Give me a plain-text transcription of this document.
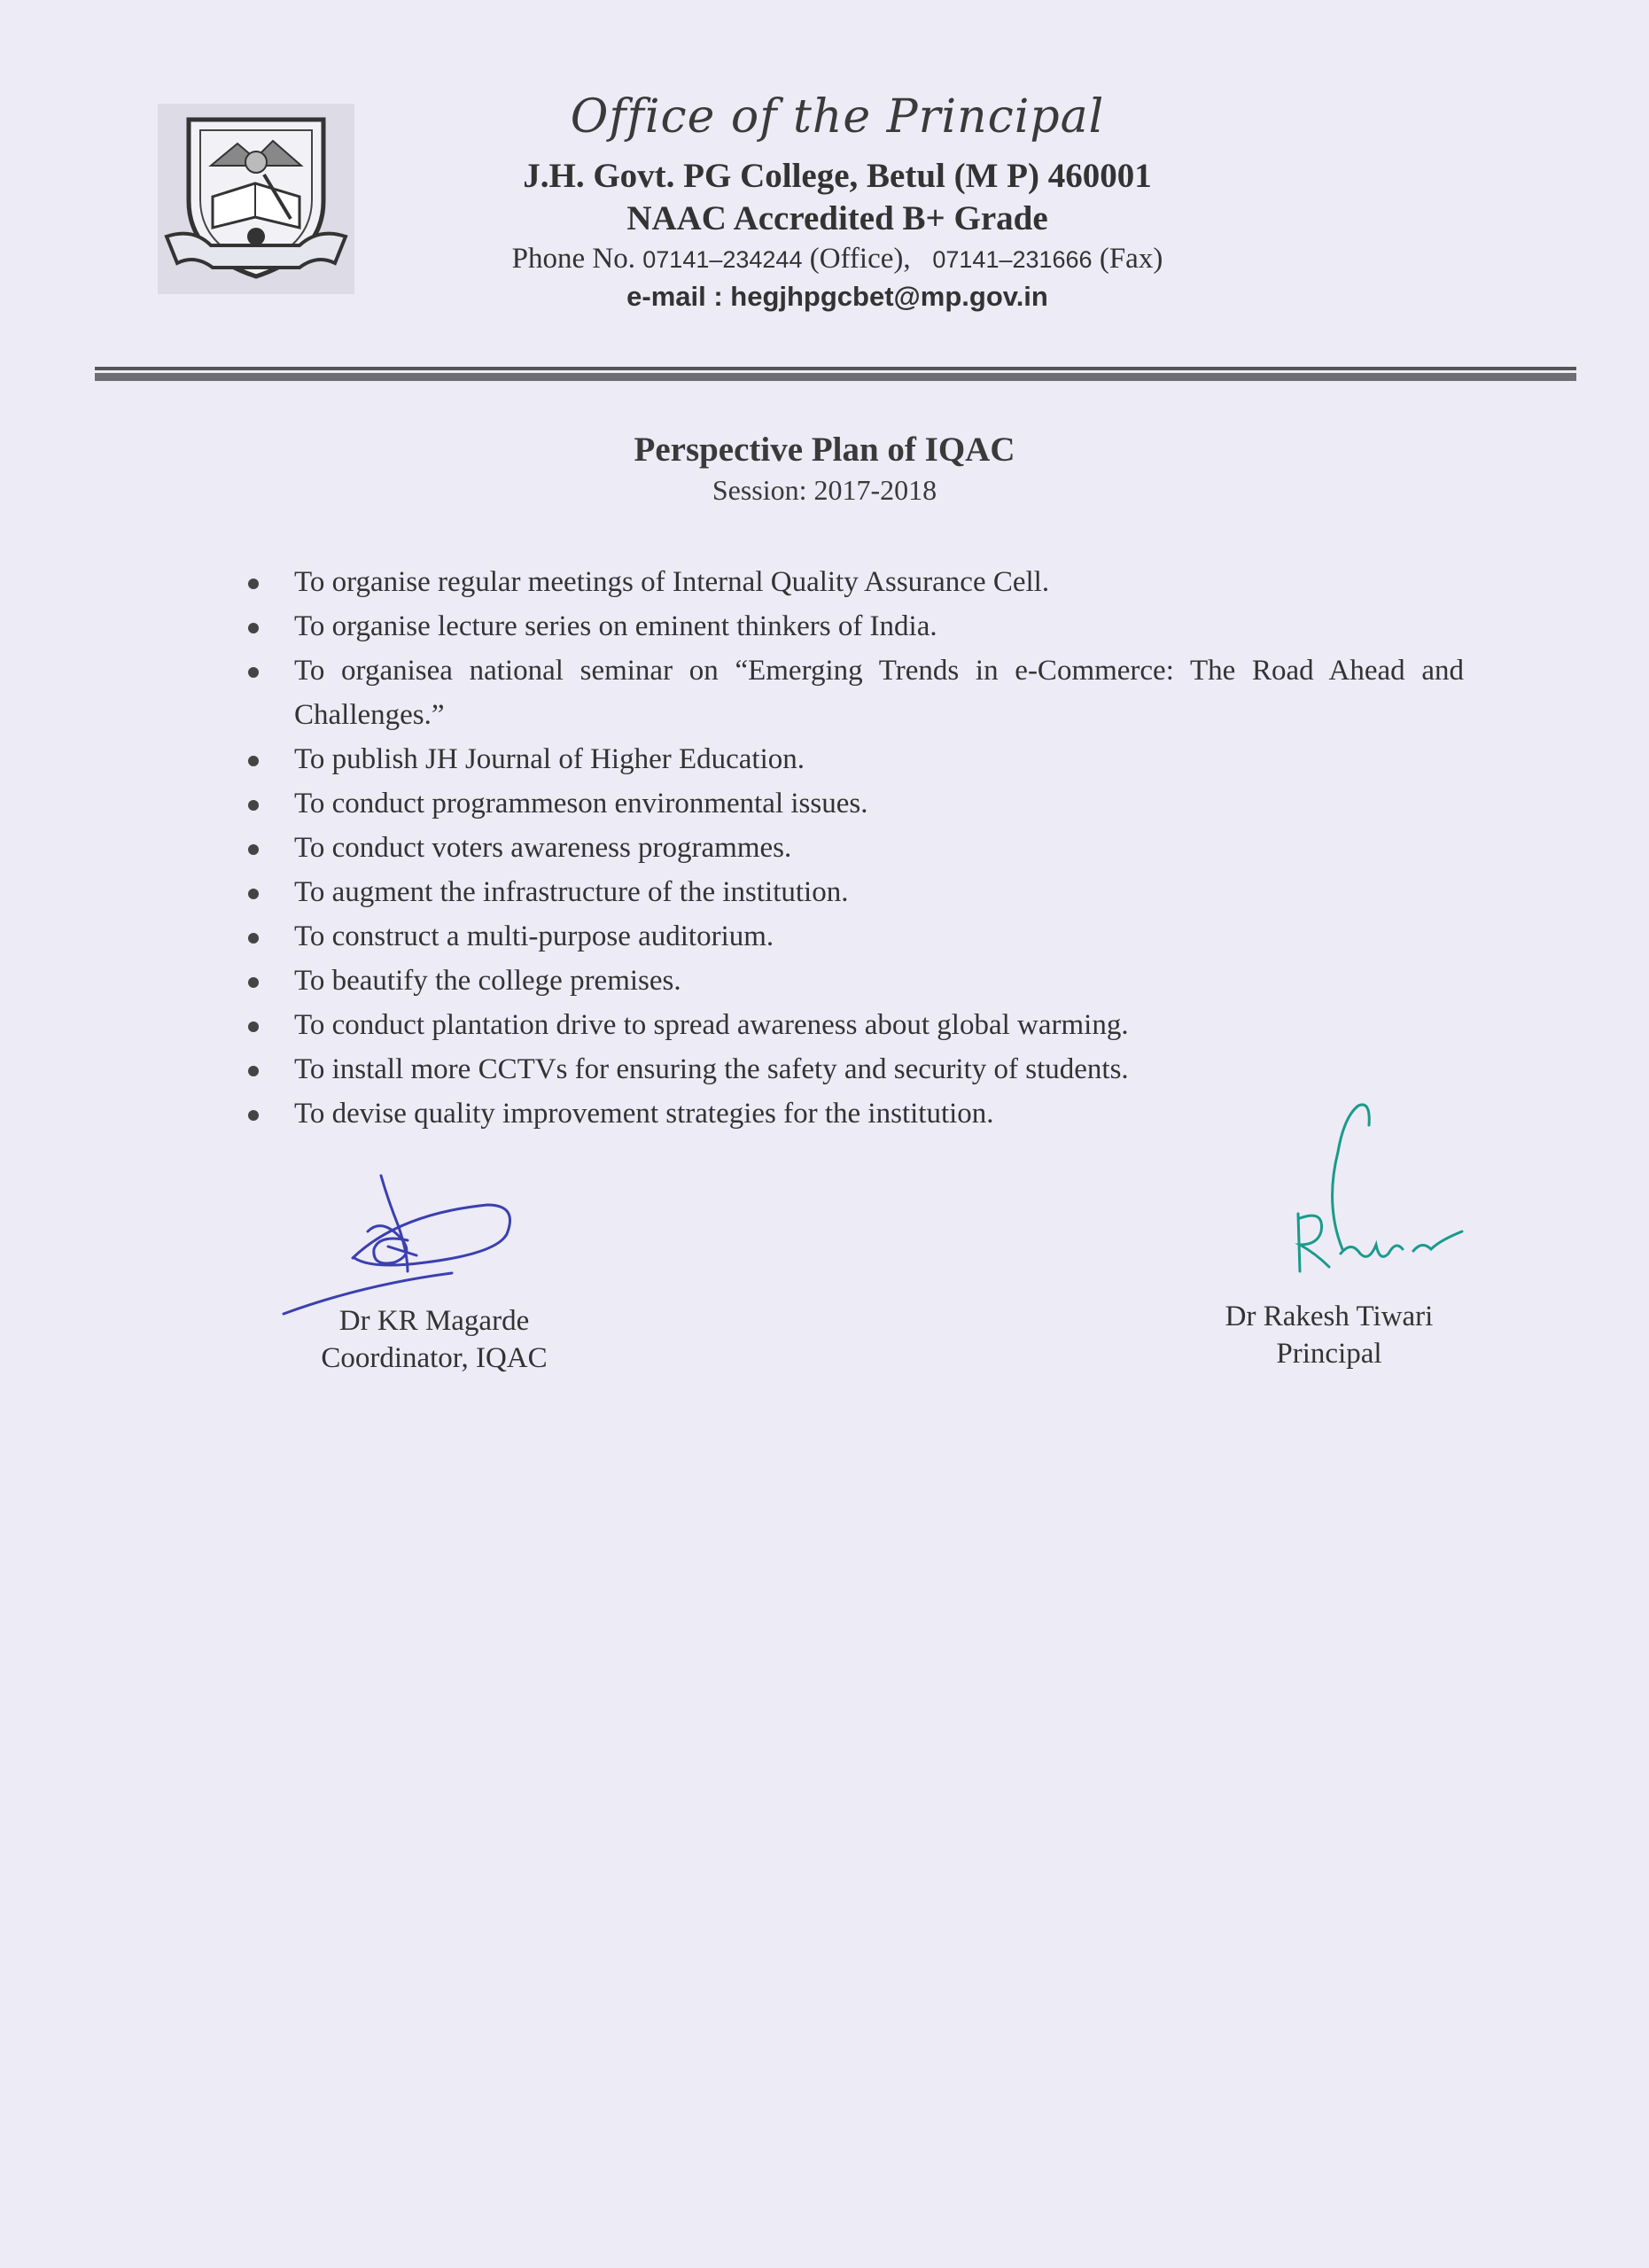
Office of the Principal
J.H. Govt. PG College, Betul (M P) 460001
NAAC Accredited B+ Grade
Phone No. 07141–234244 (Office), 07141–231666 (Fax)
e-mail : hegjhpgcbet@mp.gov.in
Perspective Plan of IQAC
Session: 2017-2018
To organise regular meetings of Internal Quality Assurance Cell.
To organise lecture series on eminent thinkers of India.
To organisea national seminar on “Emerging Trends in e-Commerce: The Road Ahead and Challenges.”
To publish JH Journal of Higher Education.
To conduct programmeson environmental issues.
To conduct voters awareness programmes.
To augment the infrastructure of the institution.
To construct a multi-purpose auditorium.
To beautify the college premises.
To conduct plantation drive to spread awareness about global warming.
To install more CCTVs for ensuring the safety and security of students.
To devise quality improvement strategies for the institution.
Dr KR Magarde
Coordinator, IQAC
Dr Rakesh Tiwari
Principal
